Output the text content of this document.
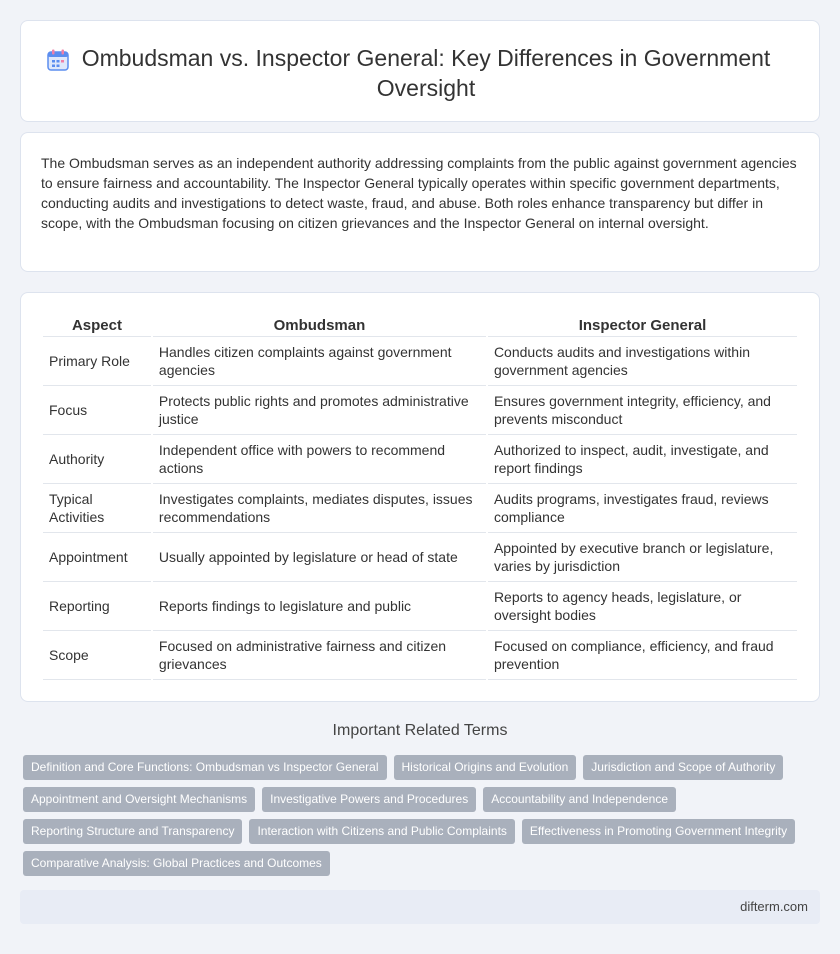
Ombudsman vs. Inspector General: Key Differences in Government Oversight

The Ombudsman serves as an independent authority addressing complaints from the public against government agencies to ensure fairness and accountability. The Inspector General typically operates within specific government departments, conducting audits and investigations to detect waste, fraud, and abuse. Both roles enhance transparency but differ in scope, with the Ombudsman focusing on citizen grievances and the Inspector General on internal oversight.

Aspect	Ombudsman	Inspector General
Primary Role	Handles citizen complaints against government agencies	Conducts audits and investigations within government agencies
Focus	Protects public rights and promotes administrative justice	Ensures government integrity, efficiency, and prevents misconduct
Authority	Independent office with powers to recommend actions	Authorized to inspect, audit, investigate, and report findings
Typical Activities	Investigates complaints, mediates disputes, issues recommendations	Audits programs, investigates fraud, reviews compliance
Appointment	Usually appointed by legislature or head of state	Appointed by executive branch or legislature, varies by jurisdiction
Reporting	Reports findings to legislature and public	Reports to agency heads, legislature, or oversight bodies
Scope	Focused on administrative fairness and citizen grievances	Focused on compliance, efficiency, and fraud prevention
Important Related Terms
Definition and Core Functions: Ombudsman vs Inspector General	Historical Origins and Evolution	Jurisdiction and Scope of Authority
Appointment and Oversight Mechanisms	Investigative Powers and Procedures	Accountability and Independence
Reporting Structure and Transparency	Interaction with Citizens and Public Complaints	Effectiveness in Promoting Government Integrity
Comparative Analysis: Global Practices and Outcomes
difterm.com
